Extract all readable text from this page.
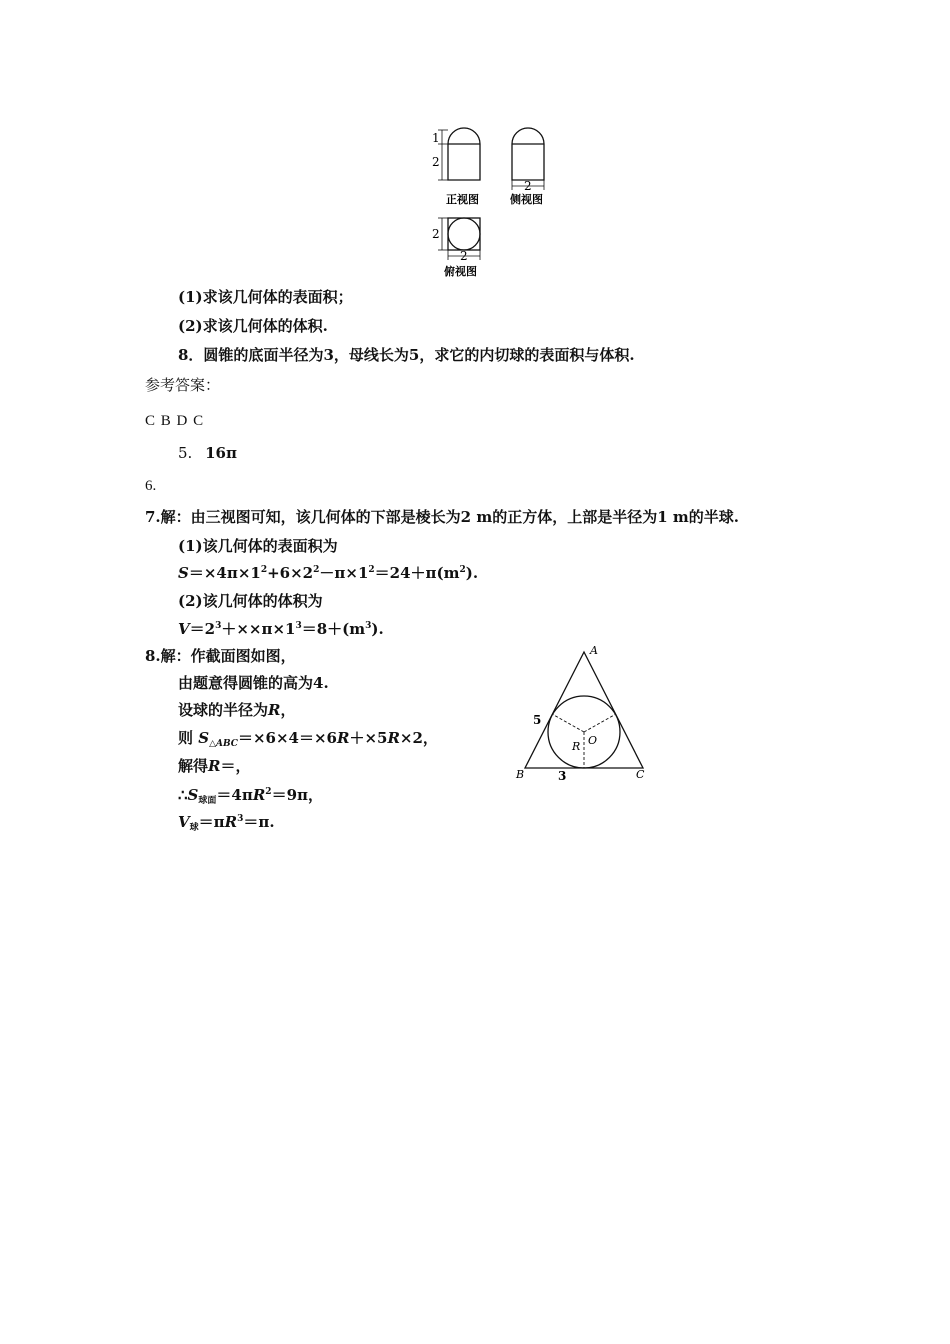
1
2
正视图
2
侧视图
2
2
俯视图
(1)求该几何体的表面积；
(2)求该几何体的体积.
8．圆锥的底面半径为3，母线长为5，求它的内切球的表面积与体积.
参考答案：
C B D C
5. 16π
6.
7.解：由三视图可知，该几何体的下部是棱长为2 m的正方体，上部是半径为1 m的半球.
(1)该几何体的表面积为
$S=\times 4\pi\times 1^2+6\times 2^2-\pi\times 1^2=24+\pi(m^2)$.
(2)该几何体的体积为
$V=2^3+\times\times\pi\times 1^3=8+(m^3)$.
8.解：作截面图如图，
由题意得圆锥的高为4.
设球的半径为R，
则 $S_{\triangle ABC}=\times 6\times 4=\times 6R+\times 5R\times 2$，
解得R＝，
$\therefore S_{球面}=4\pi R^2=9\pi$，
$V_球=\pi R^3=\pi$.
A
B	C
O
R
5
3
